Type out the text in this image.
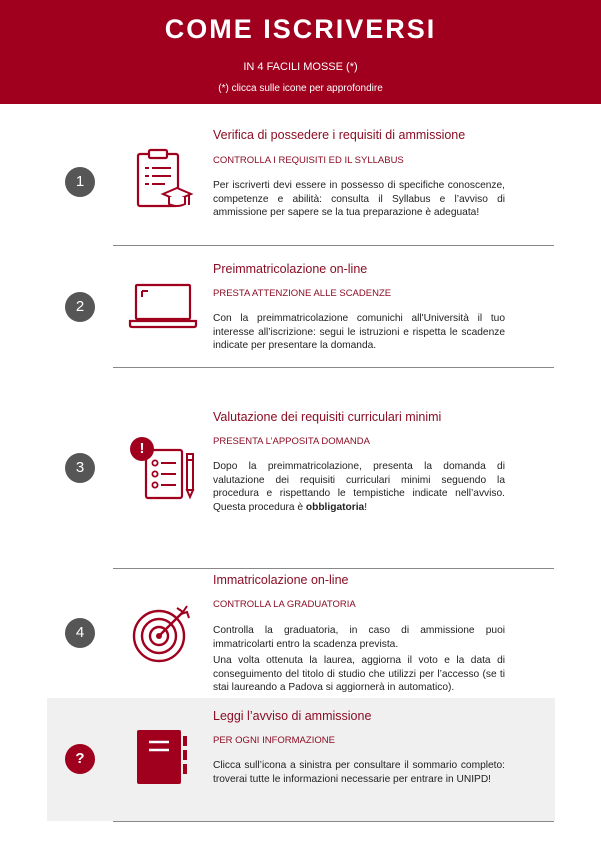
COME ISCRIVERSI
IN 4 FACILI MOSSE (*)
(*) clicca sulle icone per approfondire
1
Verifica di possedere i requisiti di ammissione
CONTROLLA I REQUISITI ED IL SYLLABUS
Per iscriverti devi essere in possesso di specifiche conoscenze, competenze e abilità: consulta il Syllabus e l’avviso di ammissione per sapere se la tua preparazione è adeguata!
2
Preimmatricolazione on-line
PRESTA ATTENZIONE ALLE SCADENZE
Con la preimmatricolazione comunichi all'Università il tuo interesse all’iscrizione: segui le istruzioni e rispetta le scadenze indicate per presentare la domanda.
3
!
Valutazione dei requisiti curriculari minimi
PRESENTA L’APPOSITA DOMANDA
Dopo la preimmatricolazione, presenta la domanda di valutazione dei requisiti curriculari minimi seguendo la procedura e rispettando le tempistiche indicate nell’avviso. Questa procedura è obbligatoria!
4
Immatricolazione on-line
CONTROLLA LA GRADUATORIA
Controlla la graduatoria, in caso di ammissione puoi immatricolarti entro la scadenza prevista.
Una volta ottenuta la laurea, aggiorna il voto e la data di conseguimento del titolo di studio che utilizzi per l’accesso (se ti stai laureando a Padova si aggiornerà in automatico).
?
Leggi l’avviso di ammissione
PER OGNI INFORMAZIONE
Clicca sull’icona a sinistra per consultare il sommario completo: troverai tutte le informazioni necessarie per entrare in UNIPD!
